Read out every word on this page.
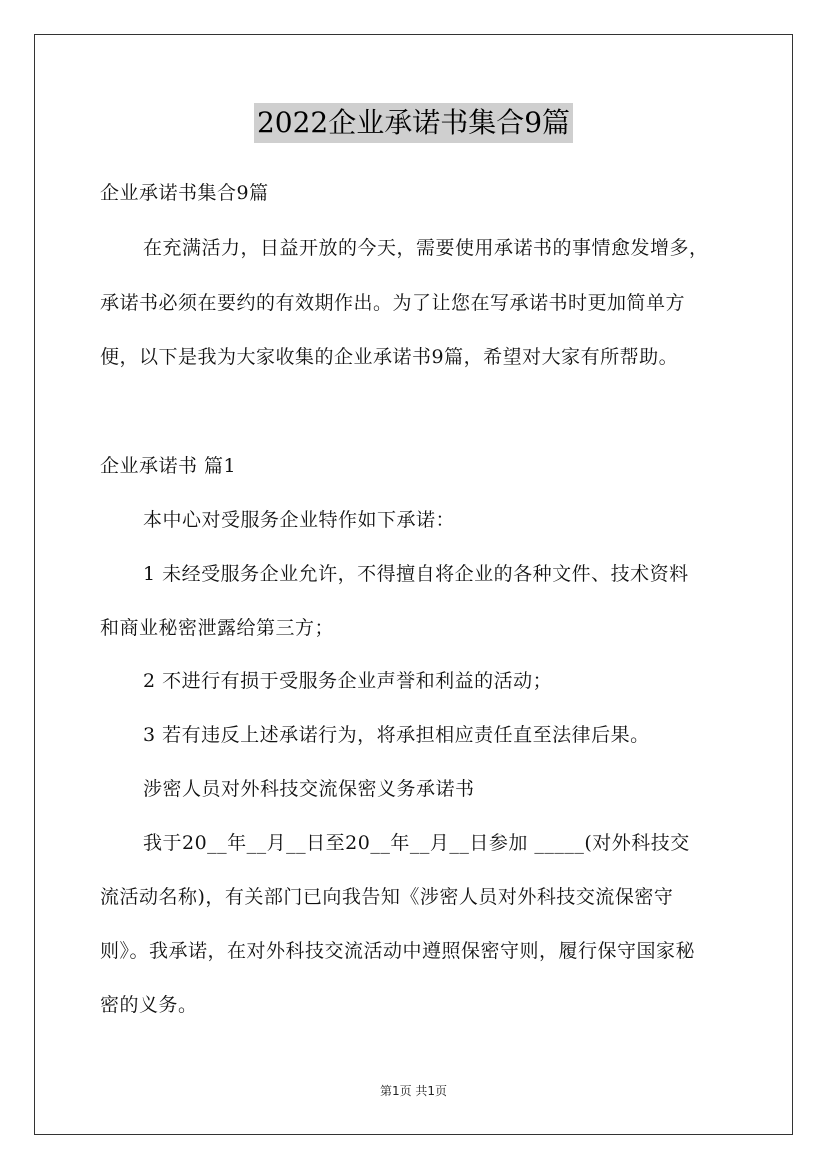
2022企业承诺书集合9篇
企业承诺书集合9篇
在充满活力，日益开放的今天，需要使用承诺书的事情愈发增多，
承诺书必须在要约的有效期作出。为了让您在写承诺书时更加简单方
便，以下是我为大家收集的企业承诺书9篇，希望对大家有所帮助。
企业承诺书 篇1
本中心对受服务企业特作如下承诺：
1 未经受服务企业允许，不得擅自将企业的各种文件、技术资料
和商业秘密泄露给第三方；
2 不进行有损于受服务企业声誉和利益的活动；
3 若有违反上述承诺行为，将承担相应责任直至法律后果。
涉密人员对外科技交流保密义务承诺书
我于20__年__月__日至20__年__月__日参加 _____(对外科技交
流活动名称)，有关部门已向我告知《涉密人员对外科技交流保密守
则》。我承诺，在对外科技交流活动中遵照保密守则，履行保守国家秘
密的义务。
第1页 共1页
